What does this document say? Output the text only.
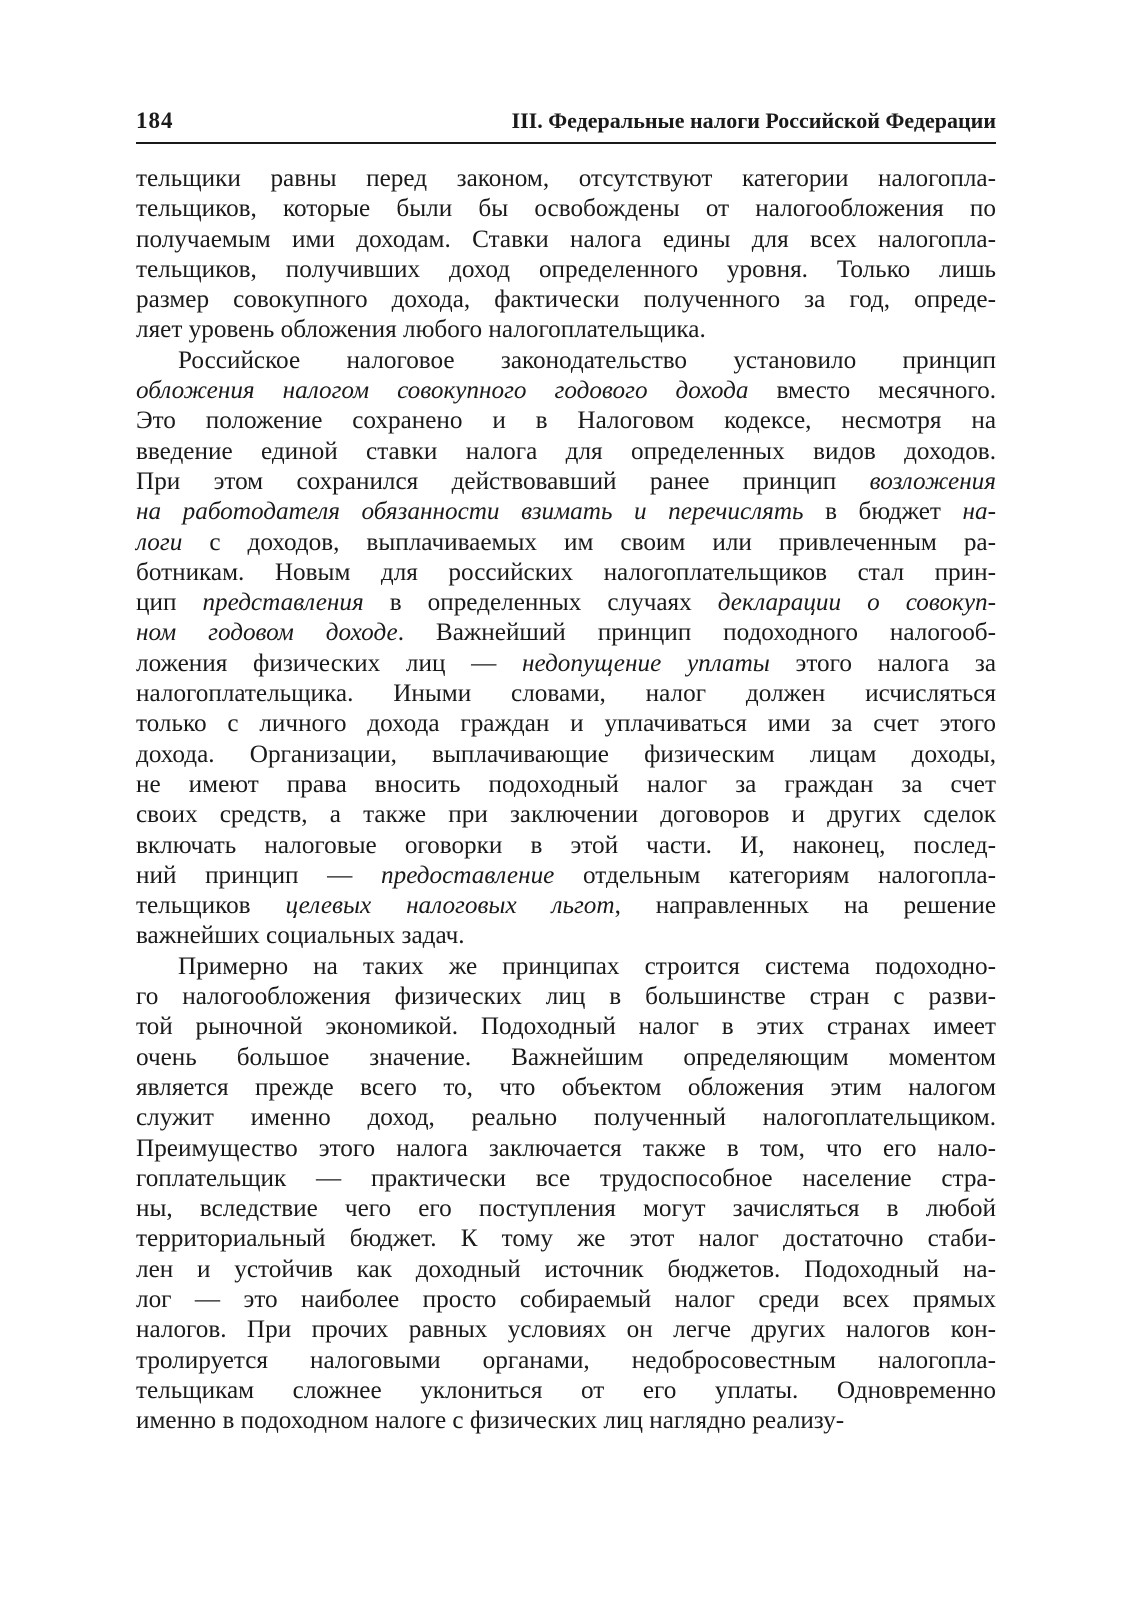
184	III. Федеральные налоги Российской Федерации

тельщики равны перед законом, отсутствуют категории налогопла-
тельщиков, которые были бы освобождены от налогообложения по
получаемым ими доходам. Ставки налога едины для всех налогопла-
тельщиков, получивших доход определенного уровня. Только лишь
размер совокупного дохода, фактически полученного за год, опреде-
ляет уровень обложения любого налогоплательщика.

Российское налоговое законодательство установило принцип
обложения налогом совокупного годового дохода вместо месячного.
Это положение сохранено и в Налоговом кодексе, несмотря на
введение единой ставки налога для определенных видов доходов.
При этом сохранился действовавший ранее принцип возложения
на работодателя обязанности взимать и перечислять в бюджет на-
логи с доходов, выплачиваемых им своим или привлеченным ра-
ботникам. Новым для российских налогоплательщиков стал прин-
цип представления в определенных случаях декларации о совокуп-
ном годовом доходе. Важнейший принцип подоходного налогооб-
ложения физических лиц — недопущение уплаты этого налога за
налогоплательщика. Иными словами, налог должен исчисляться
только с личного дохода граждан и уплачиваться ими за счет этого
дохода. Организации, выплачивающие физическим лицам доходы,
не имеют права вносить подоходный налог за граждан за счет
своих средств, а также при заключении договоров и других сделок
включать налоговые оговорки в этой части. И, наконец, послед-
ний принцип — предоставление отдельным категориям налогопла-
тельщиков целевых налоговых льгот, направленных на решение
важнейших социальных задач.

Примерно на таких же принципах строится система подоходно-
го налогообложения физических лиц в большинстве стран с разви-
той рыночной экономикой. Подоходный налог в этих странах имеет
очень большое значение. Важнейшим определяющим моментом
является прежде всего то, что объектом обложения этим налогом
служит именно доход, реально полученный налогоплательщиком.
Преимущество этого налога заключается также в том, что его нало-
гоплательщик — практически все трудоспособное население стра-
ны, вследствие чего его поступления могут зачисляться в любой
территориальный бюджет. К тому же этот налог достаточно стаби-
лен и устойчив как доходный источник бюджетов. Подоходный на-
лог — это наиболее просто собираемый налог среди всех прямых
налогов. При прочих равных условиях он легче других налогов кон-
тролируется налоговыми органами, недобросовестным налогопла-
тельщикам сложнее уклониться от его уплаты. Одновременно
именно в подоходном налоге с физических лиц наглядно реализу-
